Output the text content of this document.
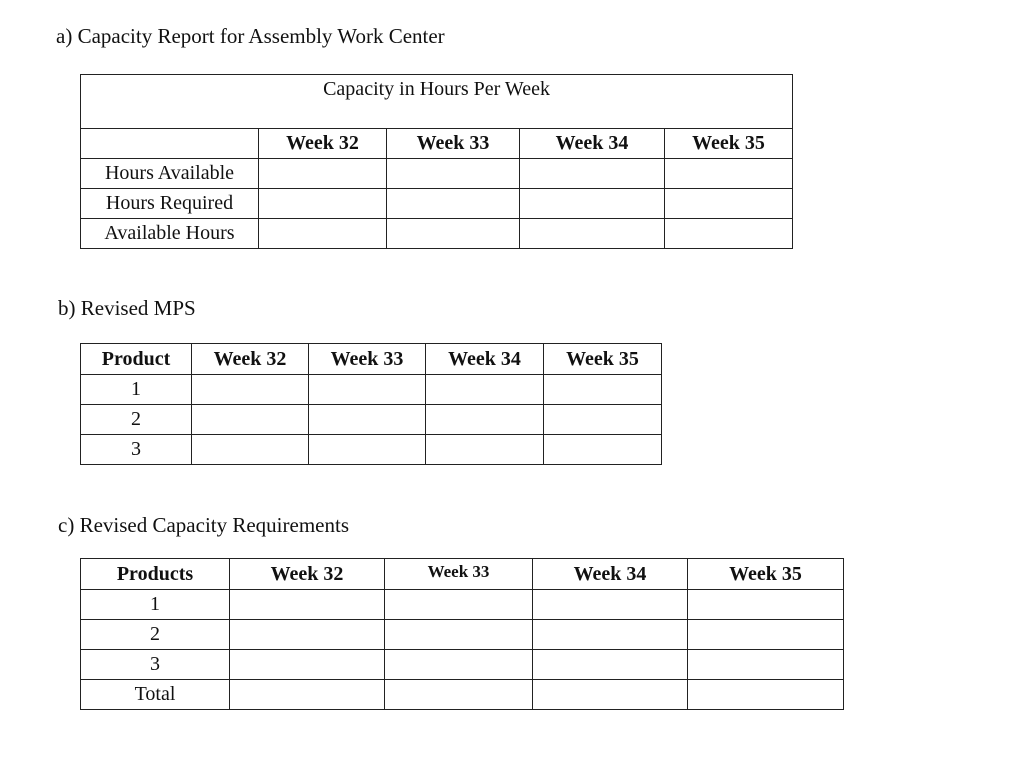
a) Capacity Report for Assembly Work Center
Capacity in Hours Per Week				
	Week 32	Week 33	Week 34	Week 35
Hours Available				
Hours Required				
Available Hours				
b) Revised MPS
Product	Week 32	Week 33	Week 34	Week 35
1				
2				
3				
c) Revised Capacity Requirements
Products	Week 32	Week 33	Week 34	Week 35
1				
2				
3				
Total				
